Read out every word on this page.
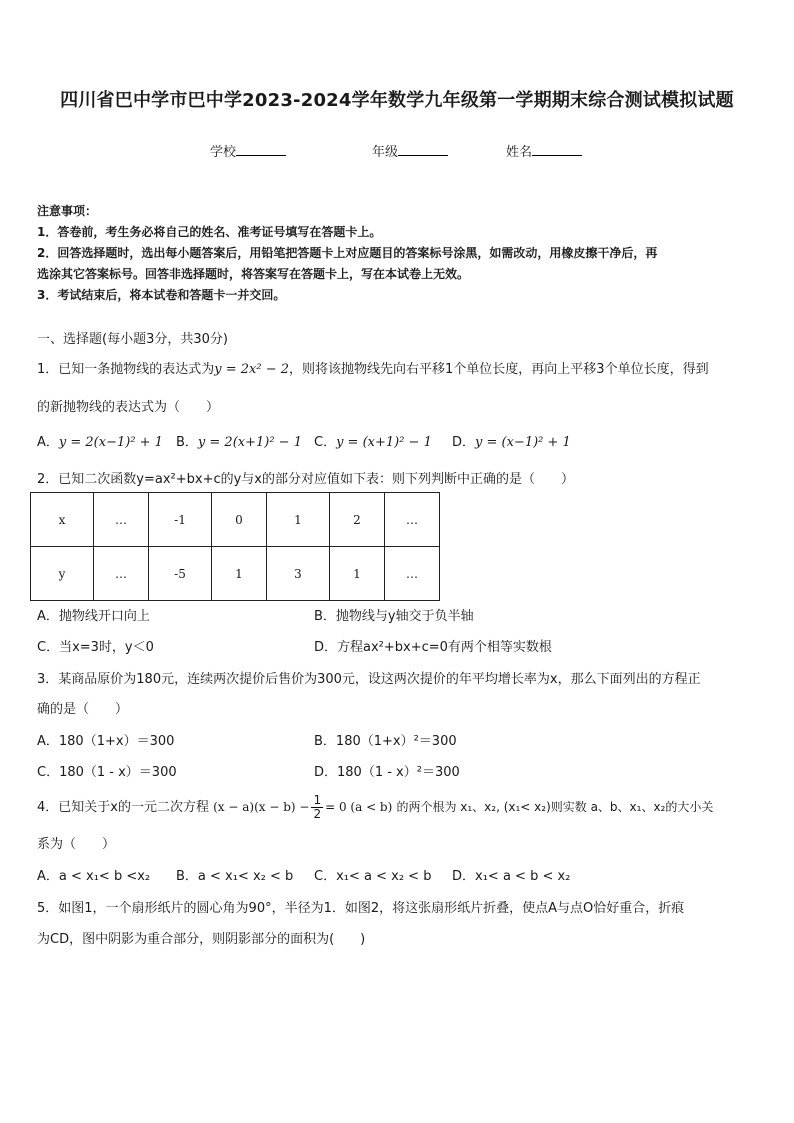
四川省巴中学市巴中学2023-2024学年数学九年级第一学期期末综合测试模拟试题
学校	年级	姓名
注意事项：
1．答卷前，考生务必将自己的姓名、准考证号填写在答题卡上。
2．回答选择题时，选出每小题答案后，用铅笔把答题卡上对应题目的答案标号涂黑，如需改动，用橡皮擦干净后，再
选涂其它答案标号。回答非选择题时，将答案写在答题卡上，写在本试卷上无效。
3．考试结束后，将本试卷和答题卡一并交回。
一、选择题(每小题3分，共30分)
1．已知一条抛物线的表达式为y = 2x² − 2，则将该抛物线先向右平移1个单位长度，再向上平移3个单位长度，得到
的新抛物线的表达式为（　　）
A．y = 2(x−1)² + 1 B．y = 2(x+1)² − 1 C．y = (x+1)² − 1 D．y = (x−1)² + 1
2．已知二次函数y=ax²+bx+c的y与x的部分对应值如下表：则下列判断中正确的是（　　）
x	…	-1	0	1	2	…
y	…	-5	1	3	1	…
A．抛物线开口向上	B．抛物线与y轴交于负半轴
C．当x=3时，y＜0	D．方程ax²+bx+c=0有两个相等实数根
3．某商品原价为180元，连续两次提价后售价为300元，设这两次提价的年平均增长率为x，那么下面列出的方程正
确的是（　　）
A．180（1+x）＝300	B．180（1+x）²＝300
C．180（1 - x）＝300	D．180（1 - x）²＝300
4．已知关于x的一元二次方程 $(x - a)(x - b) - \frac{1}{2} = 0$ (a < b) 的两个根为 x₁、x₂, (x₁< x₂)则实数 a、b、x₁、x₂的大小关
系为（　　）
A．a < x₁< b <x₂ B．a < x₁< x₂ < b C．x₁< a < x₂ < b D．x₁< a < b < x₂
5．如图1，一个扇形纸片的圆心角为90°，半径为1．如图2，将这张扇形纸片折叠，使点A与点O恰好重合，折痕
为CD，图中阴影为重合部分，则阴影部分的面积为(　　)
